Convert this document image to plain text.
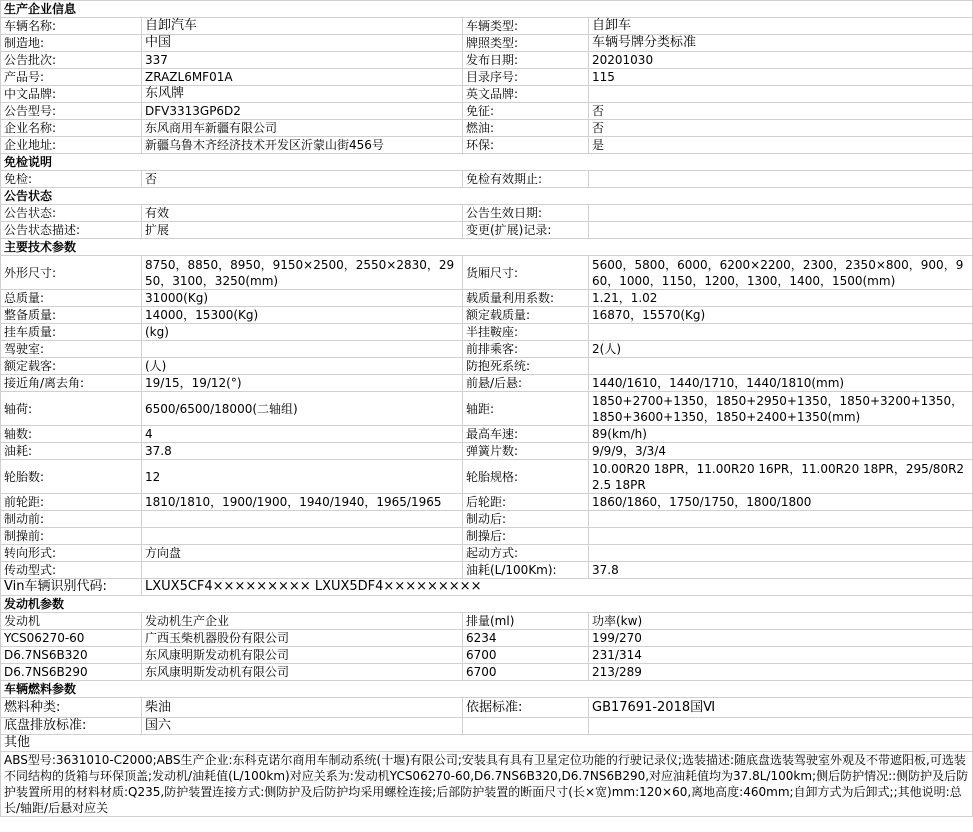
生产企业信息			
车辆名称:	自卸汽车	车辆类型:	自卸车
制造地:	中国	牌照类型:	车辆号牌分类标准
公告批次:	337	发布日期:	20201030
产品号:	ZRAZL6MF01A	目录序号:	115
中文品牌:	东风牌	英文品牌:	
公告型号:	DFV3313GP6D2	免征:	否
企业名称:	东风商用车新疆有限公司	燃油:	否
企业地址:	新疆乌鲁木齐经济技术开发区沂蒙山街456号	环保:	是
免检说明			
免检:	否	免检有效期止:	
公告状态			
公告状态:	有效	公告生效日期:	
公告状态描述:	扩展	变更(扩展)记录:	
主要技术参数			
外形尺寸:	8750，8850，8950，9150×2500，2550×2830，2950，3100，3250(mm)	货厢尺寸:	5600，5800，6000，6200×2200，2300，2350×800，900，960，1000，1150，1200，1300，1400，1500(mm)
总质量:	31000(Kg)	载质量利用系数:	1.21，1.02
整备质量:	14000，15300(Kg)	额定载质量:	16870，15570(Kg)
挂车质量:	(kg)	半挂鞍座:	
驾驶室:		前排乘客:	2(人)
额定载客:	(人)	防抱死系统:	
接近角/离去角:	19/15，19/12(°)	前悬/后悬:	1440/1610，1440/1710，1440/1810(mm)
轴荷:	6500/6500/18000(二轴组)	轴距:	1850+2700+1350，1850+2950+1350，1850+3200+1350，1850+3600+1350，1850+2400+1350(mm)
轴数:	4	最高车速:	89(km/h)
油耗:	37.8	弹簧片数:	9/9/9，3/3/4
轮胎数:	12	轮胎规格:	10.00R20 18PR，11.00R20 16PR，11.00R20 18PR，295/80R22.5 18PR
前轮距:	1810/1810，1900/1900，1940/1940，1965/1965	后轮距:	1860/1860，1750/1750，1800/1800
制动前:		制动后:	
制操前:		制操后:	
转向形式:	方向盘	起动方式:	
传动型式:		油耗(L/100Km):	37.8
Vin车辆识别代码:	LXUX5CF4××××××××× LXUX5DF4×××××××××		
发动机参数			
发动机	发动机生产企业	排量(ml)	功率(kw)
YCS06270-60	广西玉柴机器股份有限公司	6234	199/270
D6.7NS6B320	东风康明斯发动机有限公司	6700	231/314
D6.7NS6B290	东风康明斯发动机有限公司	6700	213/289
车辆燃料参数			
燃料种类:	柴油	依据标准:	GB17691-2018国Ⅵ
底盘排放标准:	国六		
其他			
ABS型号:3631010-C2000;ABS生产企业:东科克诺尔商用车制动系统(十堰)有限公司;安装具有具有卫星定位功能的行驶记录仪;选装描述:随底盘选装驾驶室外观及不带遮阳板,可选装不同结构的货箱与环保顶盖;发动机/油耗值(L/100km)对应关系为:发动机YCS06270-60,D6.7NS6B320,D6.7NS6B290,对应油耗值均为37.8L/100km;侧后防护情况::侧防护及后防护装置所用的材料材质:Q235,防护装置连接方式:侧防护及后防护均采用螺栓连接;后部防护装置的断面尺寸(长×宽)mm:120×60,离地高度:460mm;自卸方式为后卸式;;其他说明:总长/轴距/后悬对应关			
